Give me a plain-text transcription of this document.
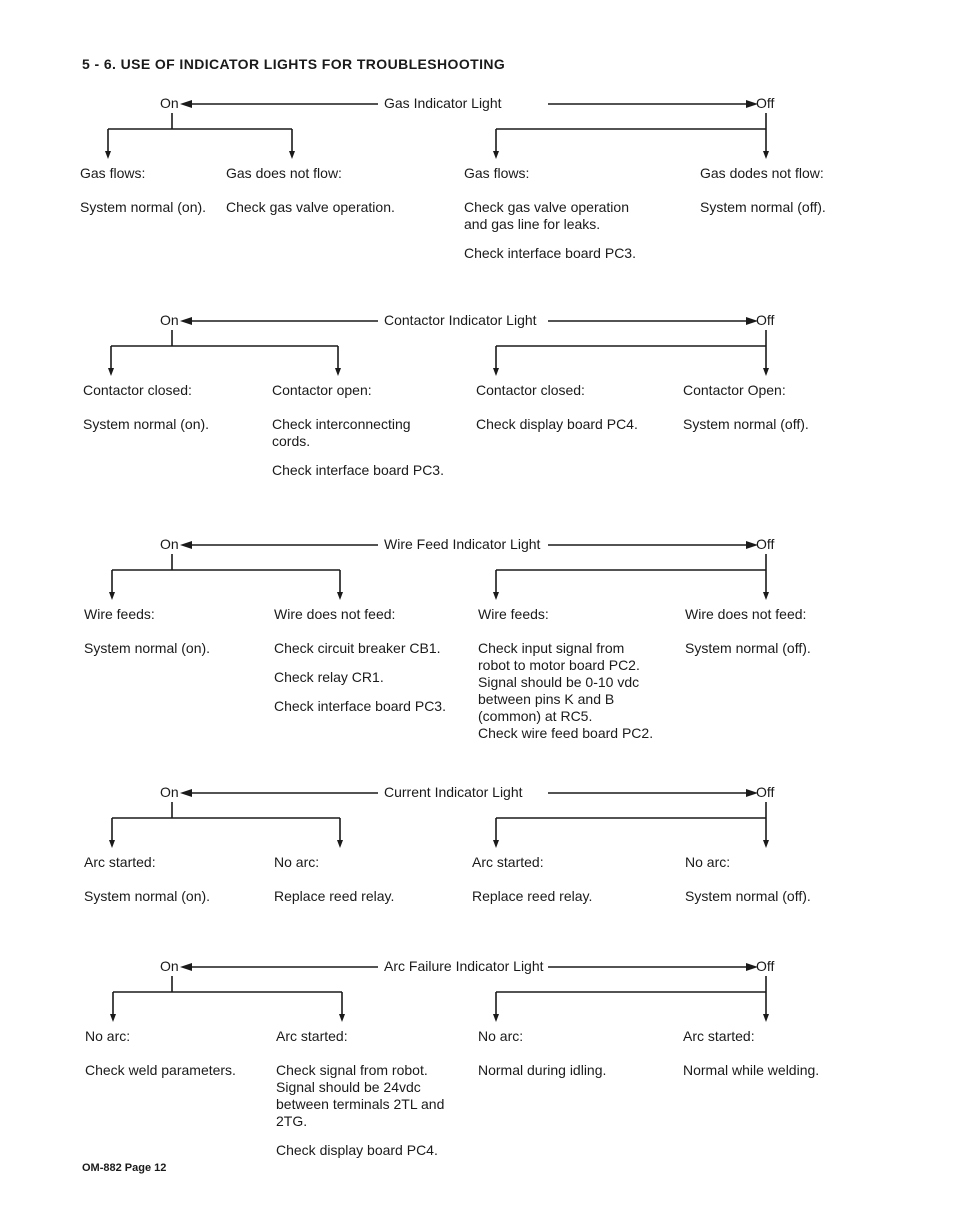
5 - 6. USE OF INDICATOR LIGHTS FOR TROUBLESHOOTING
On	Off
Gas Indicator Light
Gas flows:
System normal (on).
Gas does not flow:
Check gas valve operation.
Gas flows:
Check gas valve operation
and gas line for leaks.
Check interface board PC3.
Gas dodes not flow:
System normal (off).
On	Off
Contactor Indicator Light
Contactor closed:
System normal (on).
Contactor open:
Check interconnecting
cords.
Check interface board PC3.
Contactor closed:
Check display board PC4.
Contactor Open:
System normal (off).
On	Off
Wire Feed Indicator Light
Wire feeds:
System normal (on).
Wire does not feed:
Check circuit breaker CB1.
Check relay CR1.
Check interface board PC3.
Wire feeds:
Check input signal from
robot to motor board PC2.
Signal should be 0-10 vdc
between pins K and B
(common) at RC5.
Check wire feed board PC2.
Wire does not feed:
System normal (off).
On	Off
Current Indicator Light
Arc started:
System normal (on).
No arc:
Replace reed relay.
Arc started:
Replace reed relay.
No arc:
System normal (off).
On	Off
Arc Failure Indicator Light
No arc:
Check weld parameters.
Arc started:
Check signal from robot.
Signal should be 24vdc
between terminals 2TL and
2TG.
Check display board PC4.
No arc:
Normal during idling.
Arc started:
Normal while welding.
OM-882 Page 12
